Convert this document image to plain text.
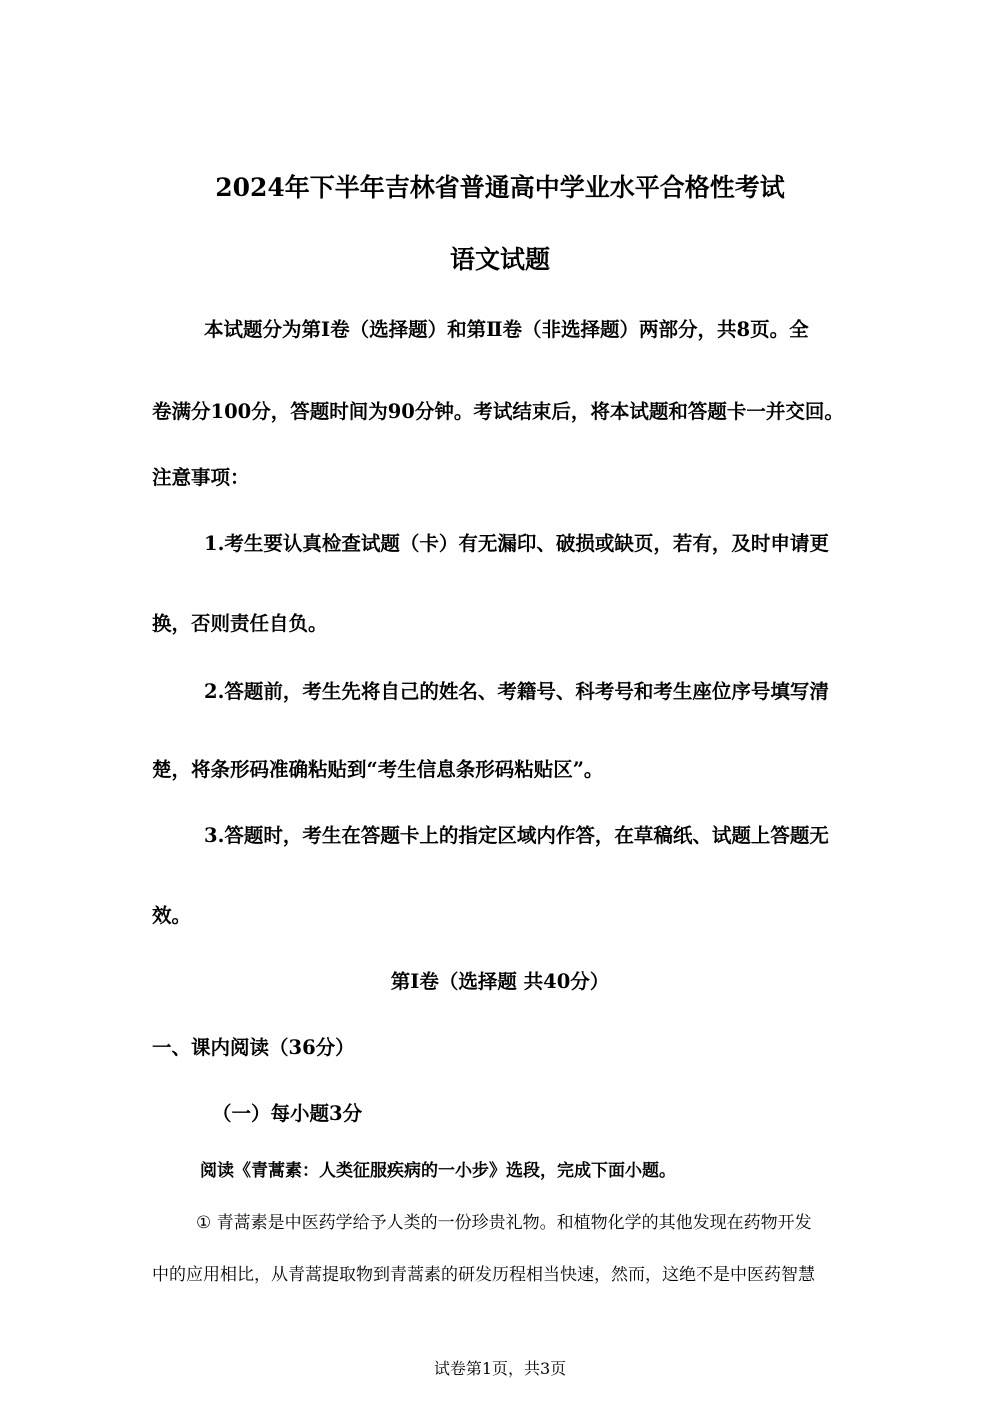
2024年下半年吉林省普通高中学业水平合格性考试
语文试题
本试题分为第Ⅰ卷（选择题）和第Ⅱ卷（非选择题）两部分，共8页。全
卷满分100分，答题时间为90分钟。考试结束后，将本试题和答题卡一并交回。
注意事项：
1.考生要认真检查试题（卡）有无漏印、破损或缺页，若有，及时申请更
换，否则责任自负。
2.答题前，考生先将自己的姓名、考籍号、科考号和考生座位序号填写清
楚，将条形码准确粘贴到“考生信息条形码粘贴区”。
3.答题时，考生在答题卡上的指定区域内作答，在草稿纸、试题上答题无
效。
第Ⅰ卷（选择题 共40分）
一、课内阅读（36分）
（一）每小题3分
阅读《青蒿素：人类征服疾病的一小步》选段，完成下面小题。
① 青蒿素是中医药学给予人类的一份珍贵礼物。和植物化学的其他发现在药物开发
中的应用相比，从青蒿提取物到青蒿素的研发历程相当快速，然而，这绝不是中医药智慧
试卷第1页，共3页
